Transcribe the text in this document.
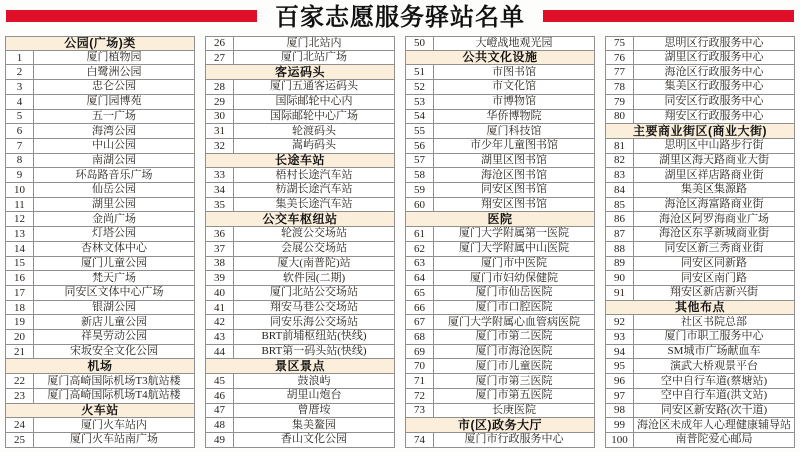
百家志愿服务驿站名单
公园(广场)类
1	厦门植物园
2	白鹭洲公园
3	忠仑公园
4	厦门园博苑
5	五一广场
6	海湾公园
7	中山公园
8	南湖公园
9	环岛路音乐广场
10	仙岳公园
11	湖里公园
12	金尚广场
13	灯塔公园
14	杏林文体中心
15	厦门儿童公园
16	梵天广场
17	同安区文体中心广场
18	银湖公园
19	新店儿童公园
20	祥昊劳动公园
21	宋坂安全文化公园
机场
22	厦门高崎国际机场T3航站楼
23	厦门高崎国际机场T4航站楼
火车站
24	厦门火车站内
25	厦门火车站南广场
26	厦门北站内
27	厦门北站广场
客运码头
28	厦门五通客运码头
29	国际邮轮中心内
30	国际邮轮中心广场
31	轮渡码头
32	嵩屿码头
长途车站
33	梧村长途汽车站
34	枋湖长途汽车站
35	集美长途汽车站
公交车枢纽站
36	轮渡公交场站
37	会展公交场站
38	厦大(南普陀)站
39	软件园(二期)
40	厦门北站公交场站
41	翔安马巷公交场站
42	同安乐海公交场站
43	BRT前埔枢纽站(快线)
44	BRT第一码头站(快线)
景区景点
45	鼓浪屿
46	胡里山炮台
47	曾厝垵
48	集美鳌园
49	香山文化公园
50	大嶝战地观光园
公共文化设施
51	市图书馆
52	市文化馆
53	市博物馆
54	华侨博物院
55	厦门科技馆
56	市少年儿童图书馆
57	湖里区图书馆
58	海沧区图书馆
59	同安区图书馆
60	翔安区图书馆
医院
61	厦门大学附属第一医院
62	厦门大学附属中山医院
63	厦门市中医院
64	厦门市妇幼保健院
65	厦门市仙岳医院
66	厦门市口腔医院
67	厦门大学附属心血管病医院
68	厦门市第二医院
69	厦门市海沧医院
70	厦门市儿童医院
71	厦门市第三医院
72	厦门市第五医院
73	长庚医院
市(区)政务大厅
74	厦门市行政服务中心
75	思明区行政服务中心
76	湖里区行政服务中心
77	海沧区行政服务中心
78	集美区行政服务中心
79	同安区行政服务中心
80	翔安区行政服务中心
主要商业街区(商业大街)
81	思明区中山路步行街
82	湖里区海天路商业大街
83	湖里区祥店路商业街
84	集美区集源路
85	海沧区海富路商业街
86	海沧区阿罗海商业广场
87	海沧区东孚新城商业街
88	同安区新三秀商业街
89	同安区同新路
90	同安区南门路
91	翔安区新店新兴街
其他布点
92	社区书院总部
93	厦门市职工服务中心
94	SM城市广场献血车
95	演武大桥观景平台
96	空中自行车道(蔡塘站)
97	空中自行车道(洪文站)
98	同安区新安路(次干道)
99	海沧区未成年人心理健康辅导站
100	南普陀爱心邮局
